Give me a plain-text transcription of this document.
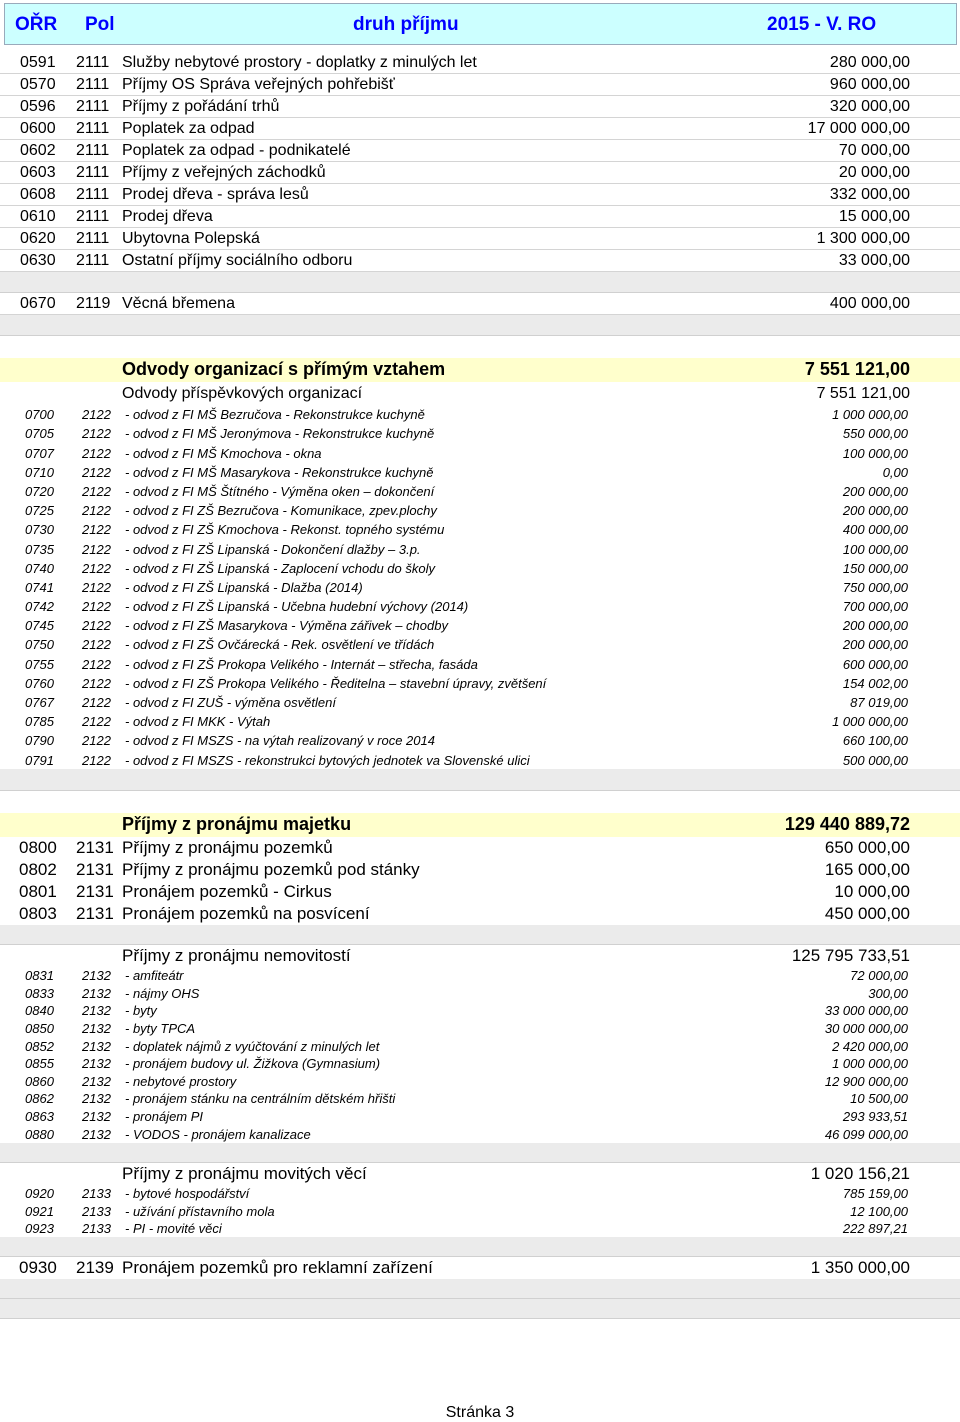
OŘR Pol	druh příjmu	2015 - V. RO
0591 2111 Služby nebytové prostory - doplatky z minulých let	280 000,00
0570 2111 Příjmy OS Správa veřejných pohřebišť	960 000,00
0596 2111 Příjmy z pořádání trhů	320 000,00
0600 2111 Poplatek za odpad	17 000 000,00
0602 2111 Poplatek za odpad - podnikatelé	70 000,00
0603 2111 Příjmy z veřejných záchodků	20 000,00
0608 2111 Prodej dřeva - správa lesů	332 000,00
0610 2111 Prodej dřeva	15 000,00
0620 2111 Ubytovna Polepská	1 300 000,00
0630 2111 Ostatní příjmy sociálního odboru	33 000,00
0670 2119 Věcná břemena	400 000,00
Odvody organizací s přímým vztahem	7 551 121,00
Odvody příspěvkových organizací	7 551 121,00
0700 2122 - odvod z FI MŠ Bezručova - Rekonstrukce kuchyně	1 000 000,00
0705 2122 - odvod z FI MŠ Jeronýmova - Rekonstrukce kuchyně	550 000,00
0707 2122 - odvod z FI MŠ Kmochova - okna	100 000,00
0710 2122 - odvod z FI MŠ Masarykova - Rekonstrukce kuchyně	0,00
0720 2122 - odvod z FI MŠ Štítného - Výměna oken – dokončení	200 000,00
0725 2122 - odvod z FI ZŠ Bezručova - Komunikace, zpev.plochy	200 000,00
0730 2122 - odvod z FI ZŠ Kmochova - Rekonst. topného systému	400 000,00
0735 2122 - odvod z FI ZŠ Lipanská - Dokončení dlažby – 3.p.	100 000,00
0740 2122 - odvod z FI ZŠ Lipanská - Zaplocení vchodu do školy	150 000,00
0741 2122 - odvod z FI ZŠ Lipanská - Dlažba (2014)	750 000,00
0742 2122 - odvod z FI ZŠ Lipanská - Učebna hudební výchovy (2014)	700 000,00
0745 2122 - odvod z FI ZŠ Masarykova - Výměna zářivek – chodby	200 000,00
0750 2122 - odvod z FI ZŠ Ovčárecká - Rek. osvětlení ve třídách	200 000,00
0755 2122 - odvod z FI ZŠ Prokopa Velikého - Internát – střecha, fasáda	600 000,00
0760 2122 - odvod z FI ZŠ Prokopa Velikého - Ředitelna – stavební úpravy, zvětšení	154 002,00
0767 2122 - odvod z FI ZUŠ - výměna osvětlení	87 019,00
0785 2122 - odvod z FI MKK - Výtah	1 000 000,00
0790 2122 - odvod z FI MSZS - na výtah realizovaný v roce 2014	660 100,00
0791 2122 - odvod z FI MSZS - rekonstrukci bytových jednotek va Slovenské ulici	500 000,00
Příjmy z pronájmu majetku	129 440 889,72
0800 2131 Příjmy z pronájmu pozemků	650 000,00
0802 2131 Příjmy z pronájmu pozemků pod stánky	165 000,00
0801 2131 Pronájem pozemků - Cirkus	10 000,00
0803 2131 Pronájem pozemků na posvícení	450 000,00
Příjmy z pronájmu nemovitostí	125 795 733,51
0831 2132 - amfiteátr	72 000,00
0833 2132 - nájmy OHS	300,00
0840 2132 - byty	33 000 000,00
0850 2132 - byty TPCA	30 000 000,00
0852 2132 - doplatek nájmů z vyúčtování z minulých let	2 420 000,00
0855 2132 - pronájem budovy ul. Žižkova (Gymnasium)	1 000 000,00
0860 2132 - nebytové prostory	12 900 000,00
0862 2132 - pronájem stánku na centrálním dětském hřišti	10 500,00
0863 2132 - pronájem PI	293 933,51
0880 2132 - VODOS - pronájem kanalizace	46 099 000,00
Příjmy z pronájmu movitých věcí	1 020 156,21
0920 2133 - bytové hospodářství	785 159,00
0921 2133 - užívání přístavního mola	12 100,00
0923 2133 - PI - movité věci	222 897,21
0930 2139 Pronájem pozemků pro reklamní zařízení	1 350 000,00
Stránka 3
